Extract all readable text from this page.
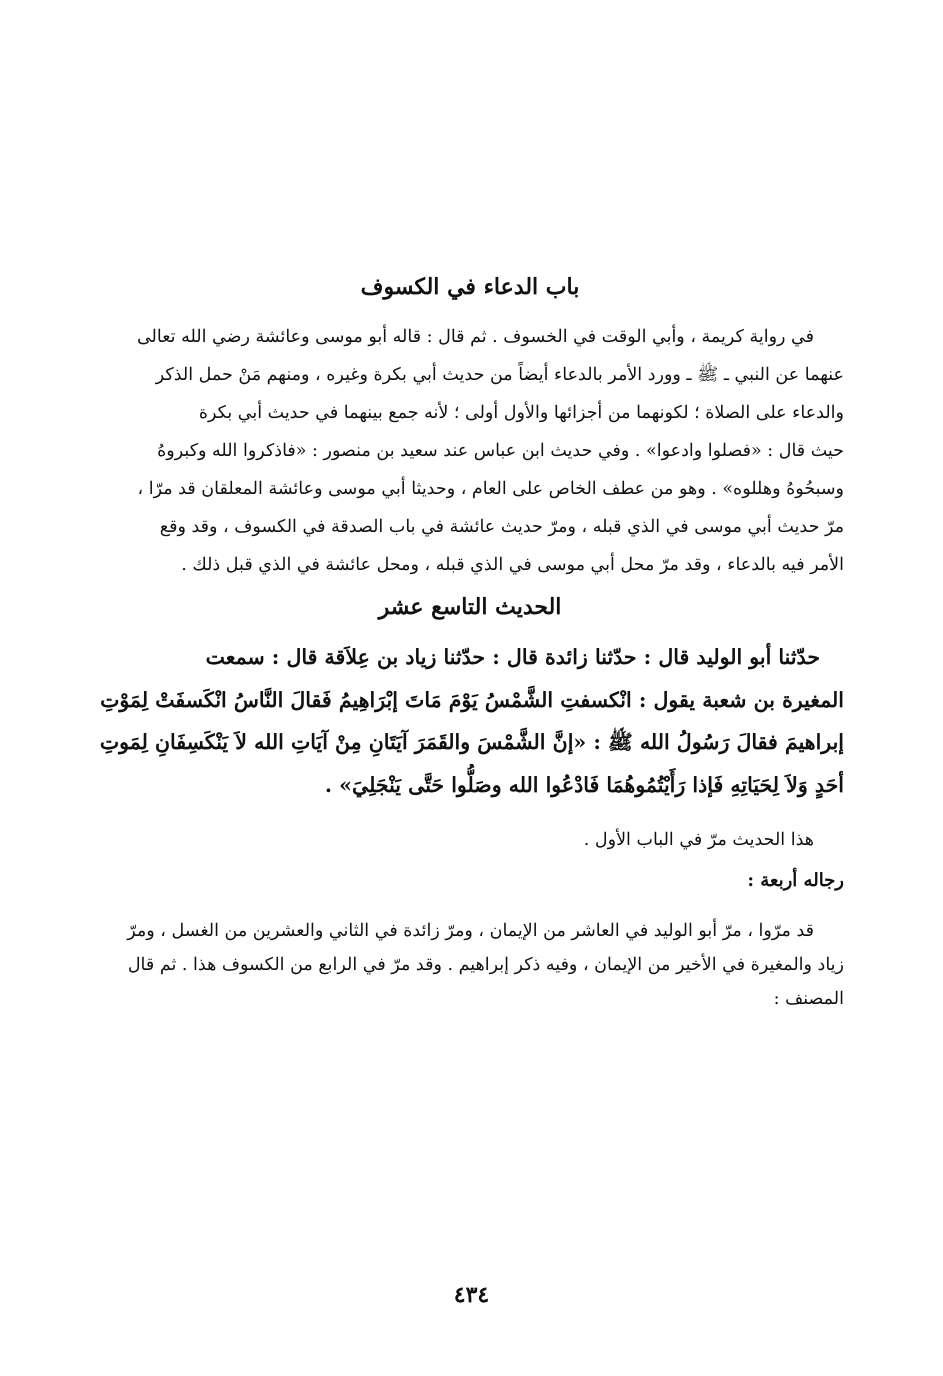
باب الدعاء في الكسوف
في رواية كريمة ، وأبي الوقت في الخسوف . ثم قال : قاله أبو موسى وعائشة رضي الله تعالى
عنهما عن النبي ـ ﷺ ـ وورد الأمر بالدعاء أيضاً من حديث أبي بكرة وغيره ، ومنهم مَنْ حمل الذكر
والدعاء على الصلاة ؛ لكونهما من أجزائها والأول أولى ؛ لأنه جمع بينهما في حديث أبي بكرة
حيث قال : «فصلوا وادعوا» . وفي حديث ابن عباس عند سعيد بن منصور : «فاذكروا الله وكبروهُ
وسبحُوهُ وهللوه» . وهو من عطف الخاص على العام ، وحديثا أبي موسى وعائشة المعلقان قد مرّا ،
مرّ حديث أبي موسى في الذي قبله ، ومرّ حديث عائشة في باب الصدقة في الكسوف ، وقد وقع
الأمر فيه بالدعاء ، وقد مرّ محل أبي موسى في الذي قبله ، ومحل عائشة في الذي قبل ذلك .
الحديث التاسع عشر
حدّثنا أبو الوليد قال : حدّثنا زائدة قال : حدّثنا زياد بن عِلاَقة قال : سمعت
المغيرة بن شعبة يقول : انْكسفتِ الشَّمْسُ يَوْمَ مَاتَ إبْرَاهِيمُ فَقالَ النَّاسُ انْكَسفَتْ لِمَوْتِ
إبراهيمَ فقالَ رَسُولُ الله ﷺ : «إنَّ الشَّمْسَ والقَمَرَ آيَتَانِ مِنْ آيَاتِ الله لاَ يَنْكَسِفَانِ لِمَوتِ
أحَدٍ وَلاَ لِحَيَاتِهِ فَإذا رَأَيْتُمُوهُمَا فَادْعُوا الله وصَلُّوا حَتَّى يَنْجَلِيَ» .
هذا الحديث مرّ في الباب الأول .
رجاله أربعة :
قد مرّوا ، مرّ أبو الوليد في العاشر من الإيمان ، ومرّ زائدة في الثاني والعشرين من الغسل ، ومرّ
زياد والمغيرة في الأخير من الإيمان ، وفيه ذكر إبراهيم . وقد مرّ في الرابع من الكسوف هذا . ثم قال
المصنف :
٤٣٤
